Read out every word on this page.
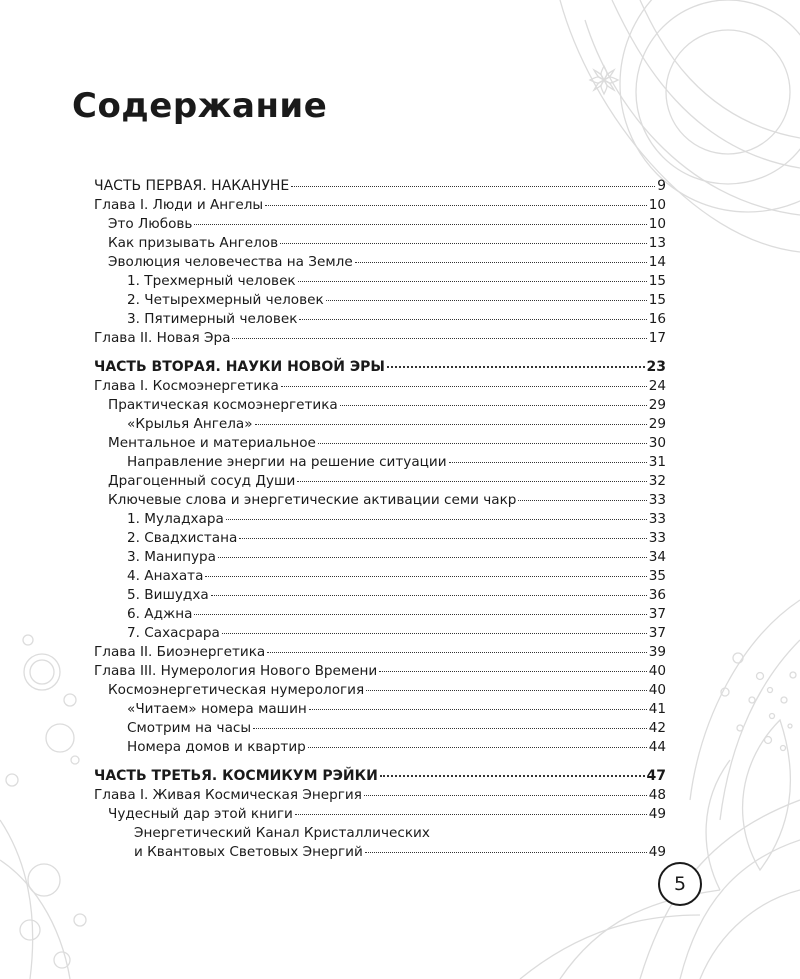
Содержание
ЧАСТЬ ПЕРВАЯ. НАКАНУНЕ	9
Глава I. Люди и Ангелы	10
Это Любовь	10
Как призывать Ангелов	13
Эволюция человечества на Земле	14
1. Трехмерный человек	15
2. Четырехмерный человек	15
3. Пятимерный человек	16
Глава II. Новая Эра	17
ЧАСТЬ ВТОРАЯ. НАУКИ НОВОЙ ЭРЫ	23
Глава I. Космоэнергетика	24
Практическая космоэнергетика	29
«Крылья Ангела»	29
Ментальное и материальное	30
Направление энергии на решение ситуации	31
Драгоценный сосуд Души	32
Ключевые слова и энергетические активации семи чакр	33
1. Муладхара	33
2. Свадхистана	33
3. Манипура	34
4. Анахата	35
5. Вишудха	36
6. Аджна	37
7. Сахасрара	37
Глава II. Биоэнергетика	39
Глава III. Нумерология Нового Времени	40
Космоэнергетическая нумерология	40
«Читаем» номера машин	41
Смотрим на часы	42
Номера домов и квартир	44
ЧАСТЬ ТРЕТЬЯ. КОСМИКУМ РЭЙКИ	47
Глава I. Живая Космическая Энергия	48
Чудесный дар этой книги	49
Энергетический Канал Кристаллических
и Квантовых Световых Энергий	49
5
